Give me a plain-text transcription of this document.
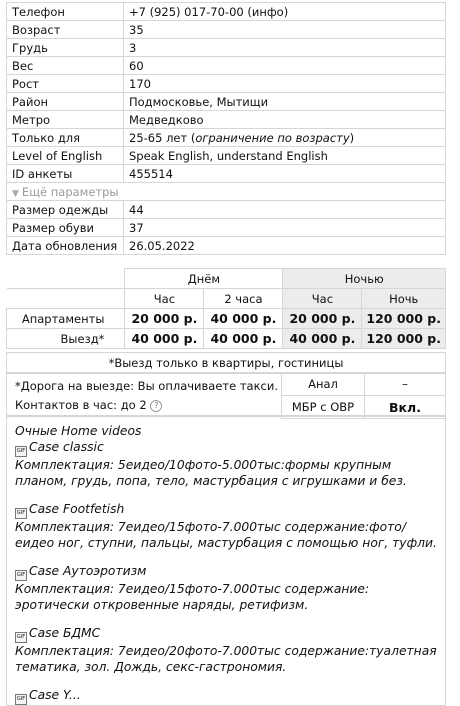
Телефон	+7 (925) 017-70-00 (инфо)
Возраст	35
Грудь	3
Вес	60
Рост	170
Район	Подмосковье, Мытищи
Метро	Медведково
Только для	25-65 лет (ограничение по возрасту)
Level of English	Speak English, understand English
ID анкеты	455514
▼ Ещё параметры	
Размер одежды	44
Размер обуви	37
Дата обновления	26.05.2022
	Днём		Ночью	
	Час	2 часа	Час	Ночь
Апартаменты	20 000 р.	40 000 р.	20 000 р.	120 000 р.
Выезд*	40 000 р.	40 000 р.	40 000 р.	120 000 р.
*Выезд только в квартиры, гостиницы
*Дорога на выезде: Вы оплачиваете такси.
Контактов в час: до 2 ?
Анал	–
МБР с ОВР	Вкл.
Очные Home videos
GIF Case classic
Комплектация: 5еидео/10фото-5.000тыс:формы крупным планом, грудь, попа, тело, мастурбация с игрушками и без.
GIF Case Footfetish
Комплектация: 7еидео/15фото-7.000тыс содержание:фото/еидео ног, ступни, пальцы, мастурбация с помощью ног, туфли.
GIF Case Аутоэротизм
Комплектация: 7еидео/15фото-7.000тыс содержание: эротически откровенные наряды, ретифизм.
GIF Case БДМС
Комплектация: 7еидео/20фото-7.000тыс содержание:туалетная тематика, зол. Дождь, секс-гастрономия.
GIF Case Y...
